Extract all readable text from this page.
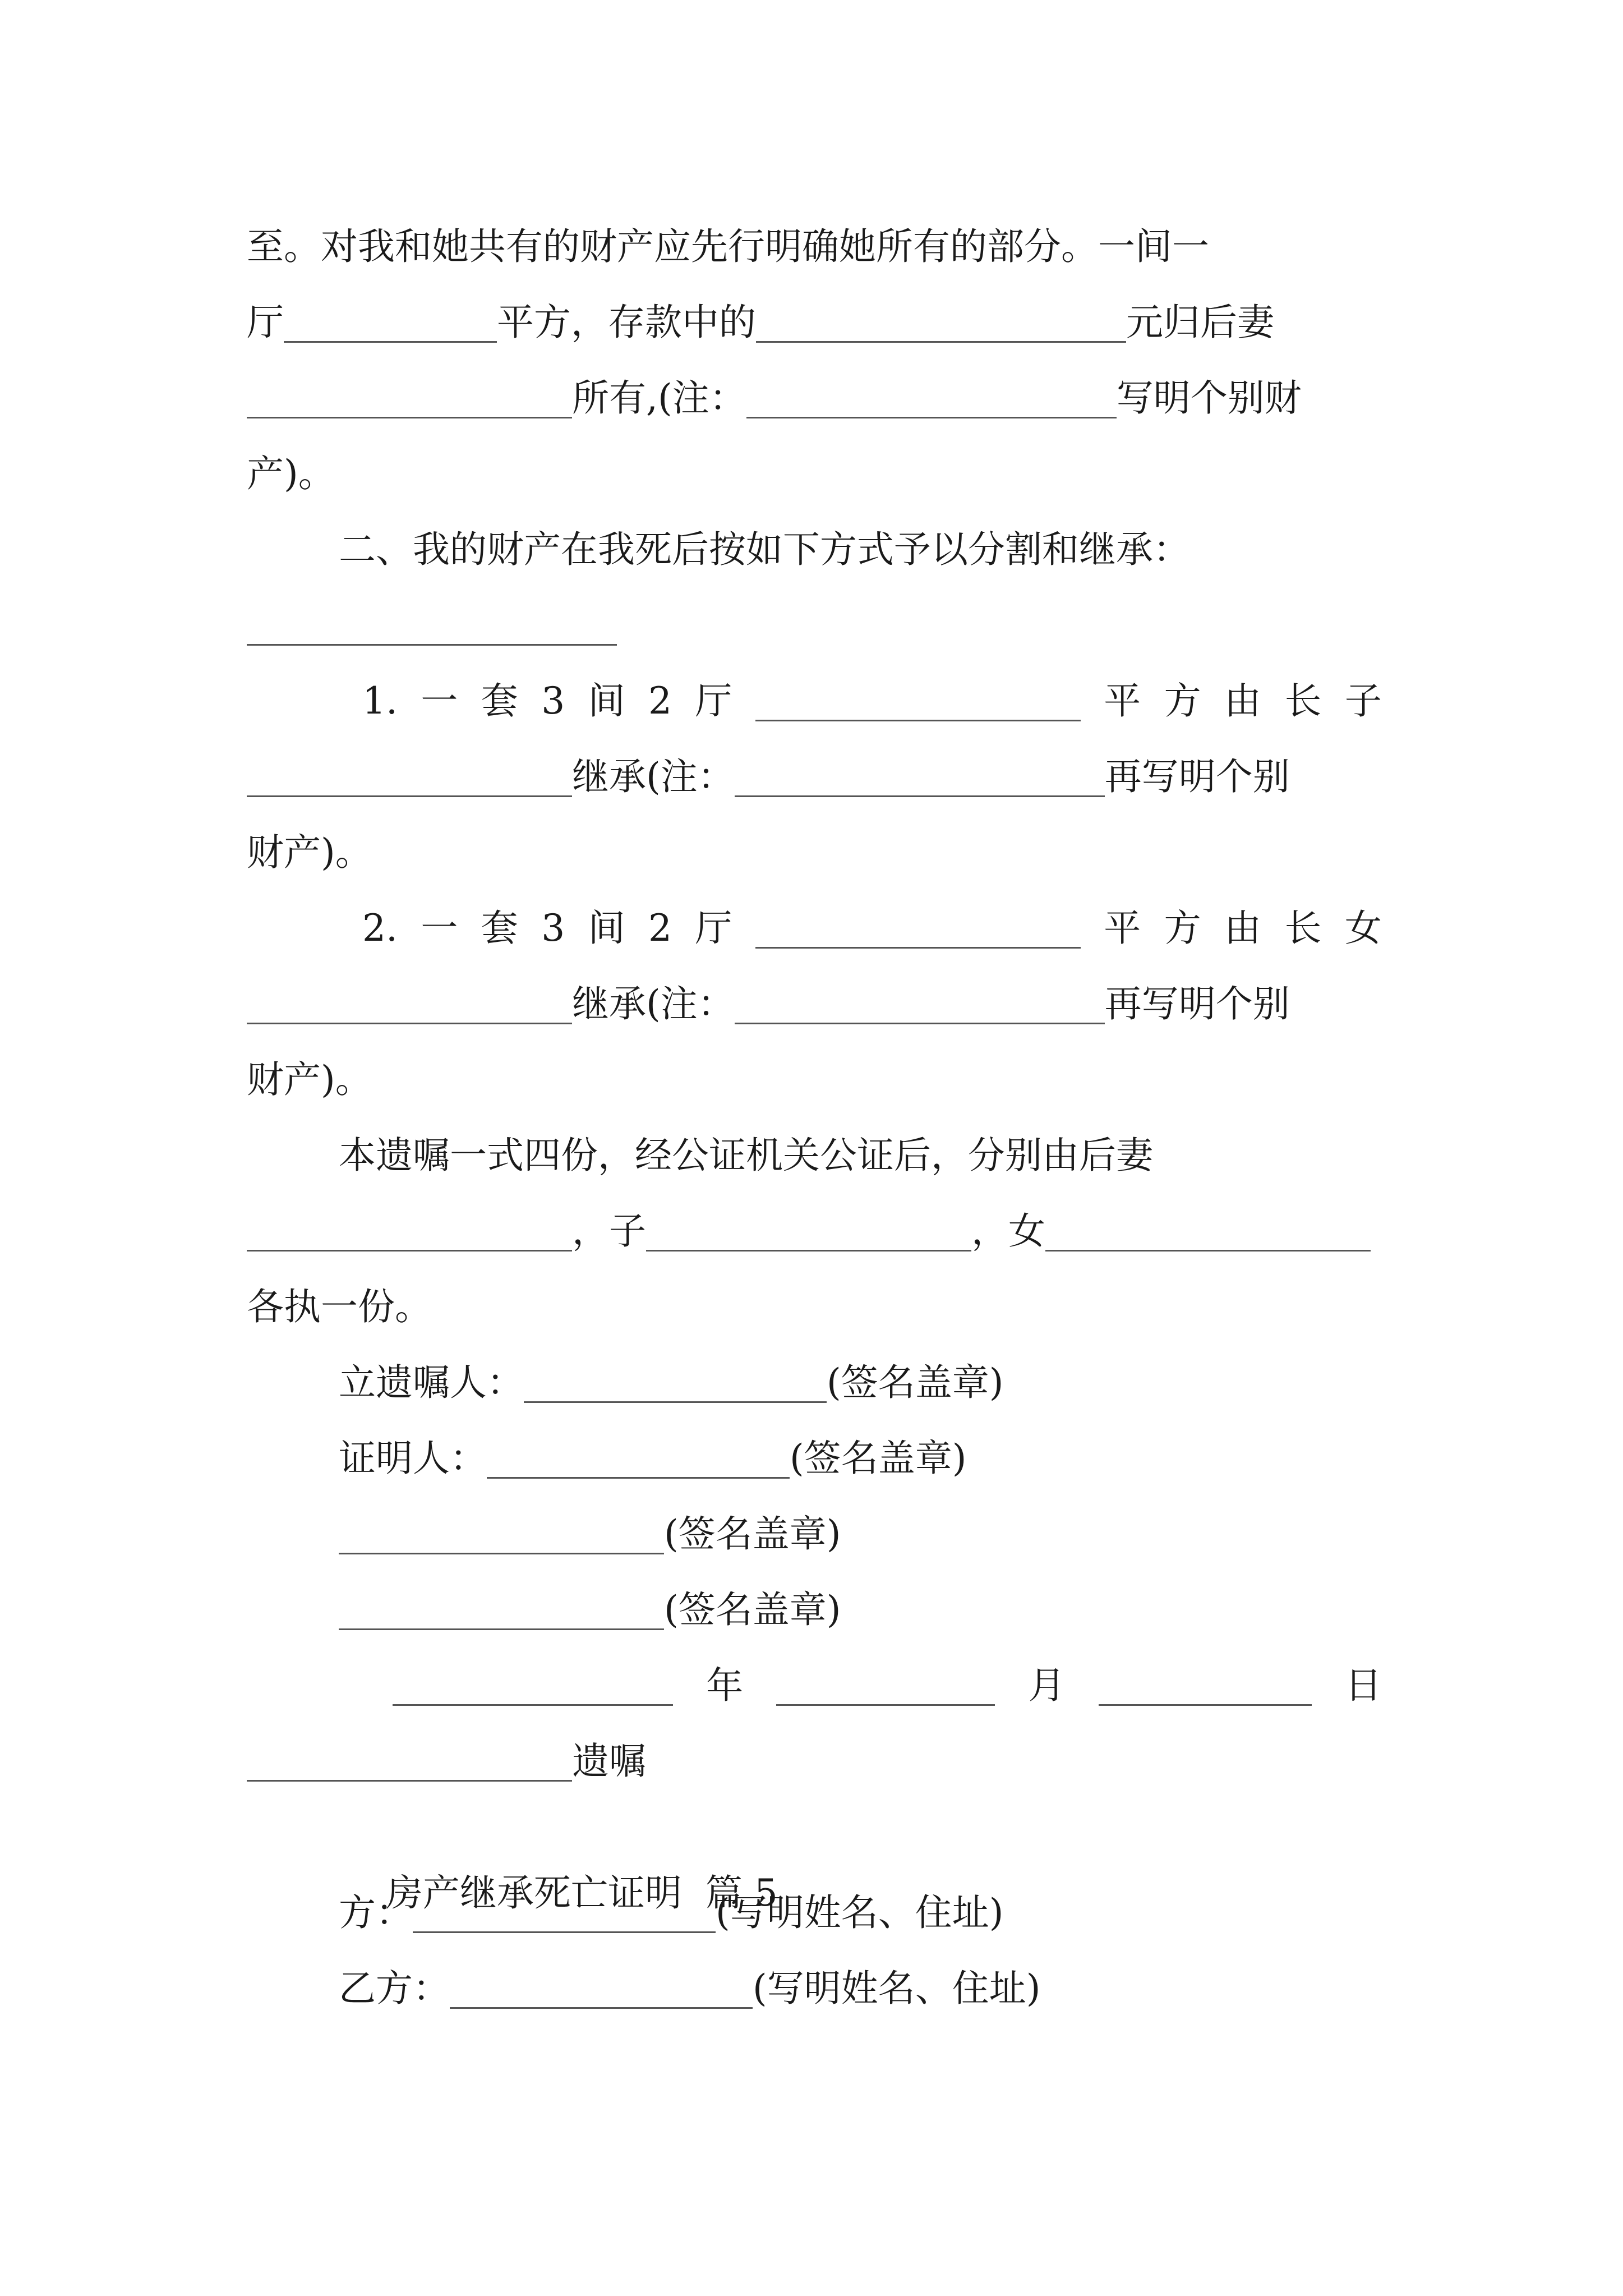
至。对我和她共有的财产应先行明确她所有的部分。一间一
厅	平方，存款中的	元归后妻
所有,(注：	写明个别财
产)。
二、我的财产在我死后按如下方式予以分割和继承：
1. 一 套 3 间 2 厅	平 方 由 长 子
继承(注：	再写明个别
财产)。
2. 一 套 3 间 2 厅	平 方 由 长 女
继承(注：	再写明个别
财产)。
本遗嘱一式四份，经公证机关公证后，分别由后妻
，子	，女
各执一份。
立遗嘱人：	(签名盖章)
证明人：	(签名盖章)
(签名盖章)
(签名盖章)
年	月	日
遗嘱

房产继承死亡证明  篇 5

方：	(写明姓名、住址)
乙方：	(写明姓名、住址)
